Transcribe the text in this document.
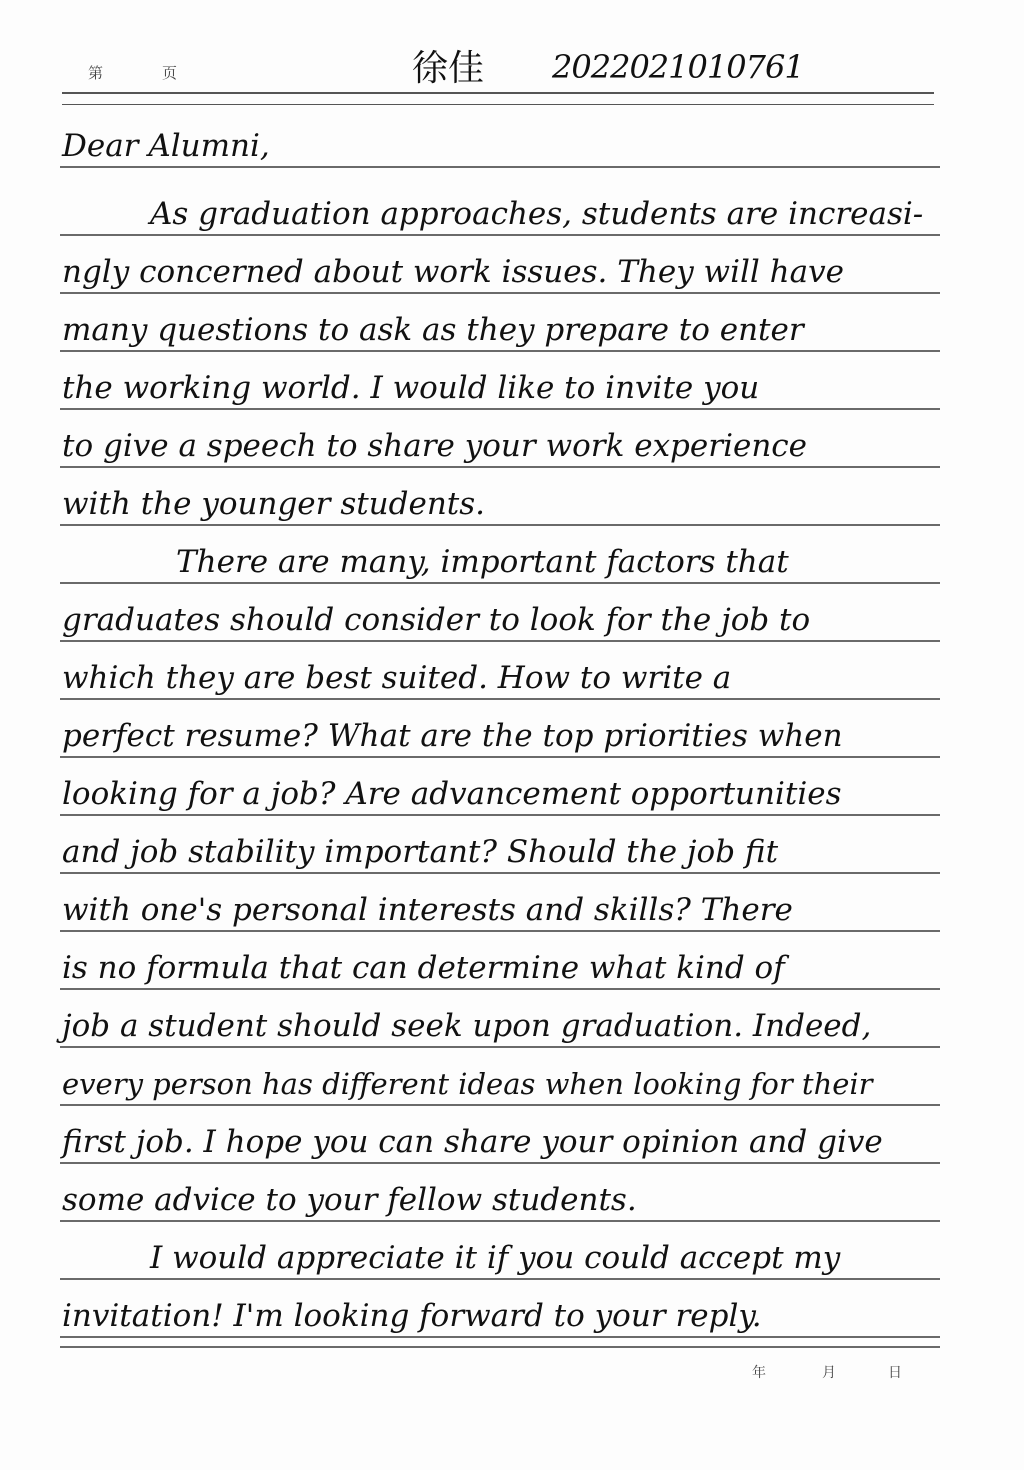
第	页	徐佳 2022021010761
Dear Alumni,
As graduation approaches, students are increasi-
ngly concerned about work issues. They will have
many questions to ask as they prepare to enter
the working world. I would like to invite you
to give a speech to share your work experience
with the younger students.
There are many, important factors that
graduates should consider to look for the job to
which they are best suited. How to write a
perfect resume? What are the top priorities when
looking for a job? Are advancement opportunities
and job stability important? Should the job fit
with one's personal interests and skills? There
is no formula that can determine what kind of
job a student should seek upon graduation. Indeed,
every person has different ideas when looking for their
first job. I hope you can share your opinion and give
some advice to your fellow students.
I would appreciate it if you could accept my
invitation! I'm looking forward to your reply.
年	月	日
